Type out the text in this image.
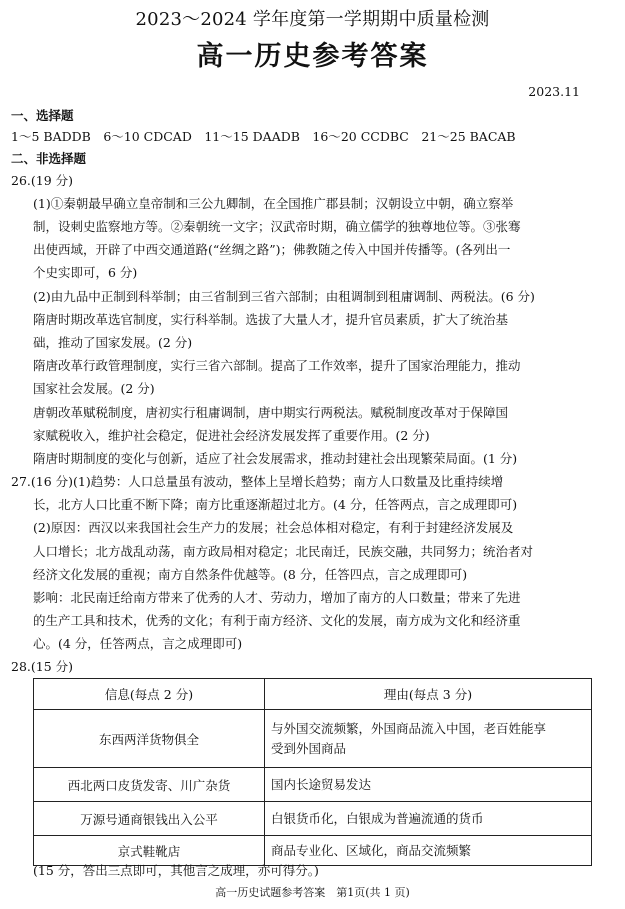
2023～2024 学年度第一学期期中质量检测
高一历史参考答案
2023.11
一、选择题
1～5 BADDB　6～10 CDCAD　11～15 DAADB　16～20 CCDBC　21～25 BACAB
二、非选择题
26.(19 分)
(1)①秦朝最早确立皇帝制和三公九卿制，在全国推广郡县制；汉朝设立中朝，确立察举
制，设刺史监察地方等。②秦朝统一文字；汉武帝时期，确立儒学的独尊地位等。③张骞
出使西域，开辟了中西交通道路(“丝绸之路”)；佛教随之传入中国并传播等。(各列出一
个史实即可，6 分)
(2)由九品中正制到科举制；由三省制到三省六部制；由租调制到租庸调制、两税法。(6 分)
隋唐时期改革选官制度，实行科举制。选拔了大量人才，提升官员素质，扩大了统治基
础，推动了国家发展。(2 分)
隋唐改革行政管理制度，实行三省六部制。提高了工作效率，提升了国家治理能力，推动
国家社会发展。(2 分)
唐朝改革赋税制度，唐初实行租庸调制，唐中期实行两税法。赋税制度改革对于保障国
家赋税收入，维护社会稳定，促进社会经济发展发挥了重要作用。(2 分)
隋唐时期制度的变化与创新，适应了社会发展需求，推动封建社会出现繁荣局面。(1 分)
27.(16 分)(1)趋势：人口总量虽有波动，整体上呈增长趋势；南方人口数量及比重持续增
长，北方人口比重不断下降；南方比重逐渐超过北方。(4 分，任答两点，言之成理即可)
(2)原因：西汉以来我国社会生产力的发展；社会总体相对稳定，有利于封建经济发展及
人口增长；北方战乱动荡，南方政局相对稳定；北民南迁，民族交融，共同努力；统治者对
经济文化发展的重视；南方自然条件优越等。(8 分，任答四点，言之成理即可)
影响：北民南迁给南方带来了优秀的人才、劳动力，增加了南方的人口数量；带来了先进
的生产工具和技术，优秀的文化；有利于南方经济、文化的发展，南方成为文化和经济重
心。(4 分，任答两点，言之成理即可)
28.(15 分)
信息(每点 2 分)	理由(每点 3 分)
东西两洋货物俱全	与外国交流频繁，外国商品流入中国，老百姓能享
受到外国商品
西北两口皮货发寄、川广杂货	国内长途贸易发达
万源号通商银钱出入公平	白银货币化，白银成为普遍流通的货币
京式鞋靴店	商品专业化、区域化，商品交流频繁
(15 分，答出三点即可，其他言之成理，亦可得分。)
高一历史试题参考答案　第1页(共 1 页)
